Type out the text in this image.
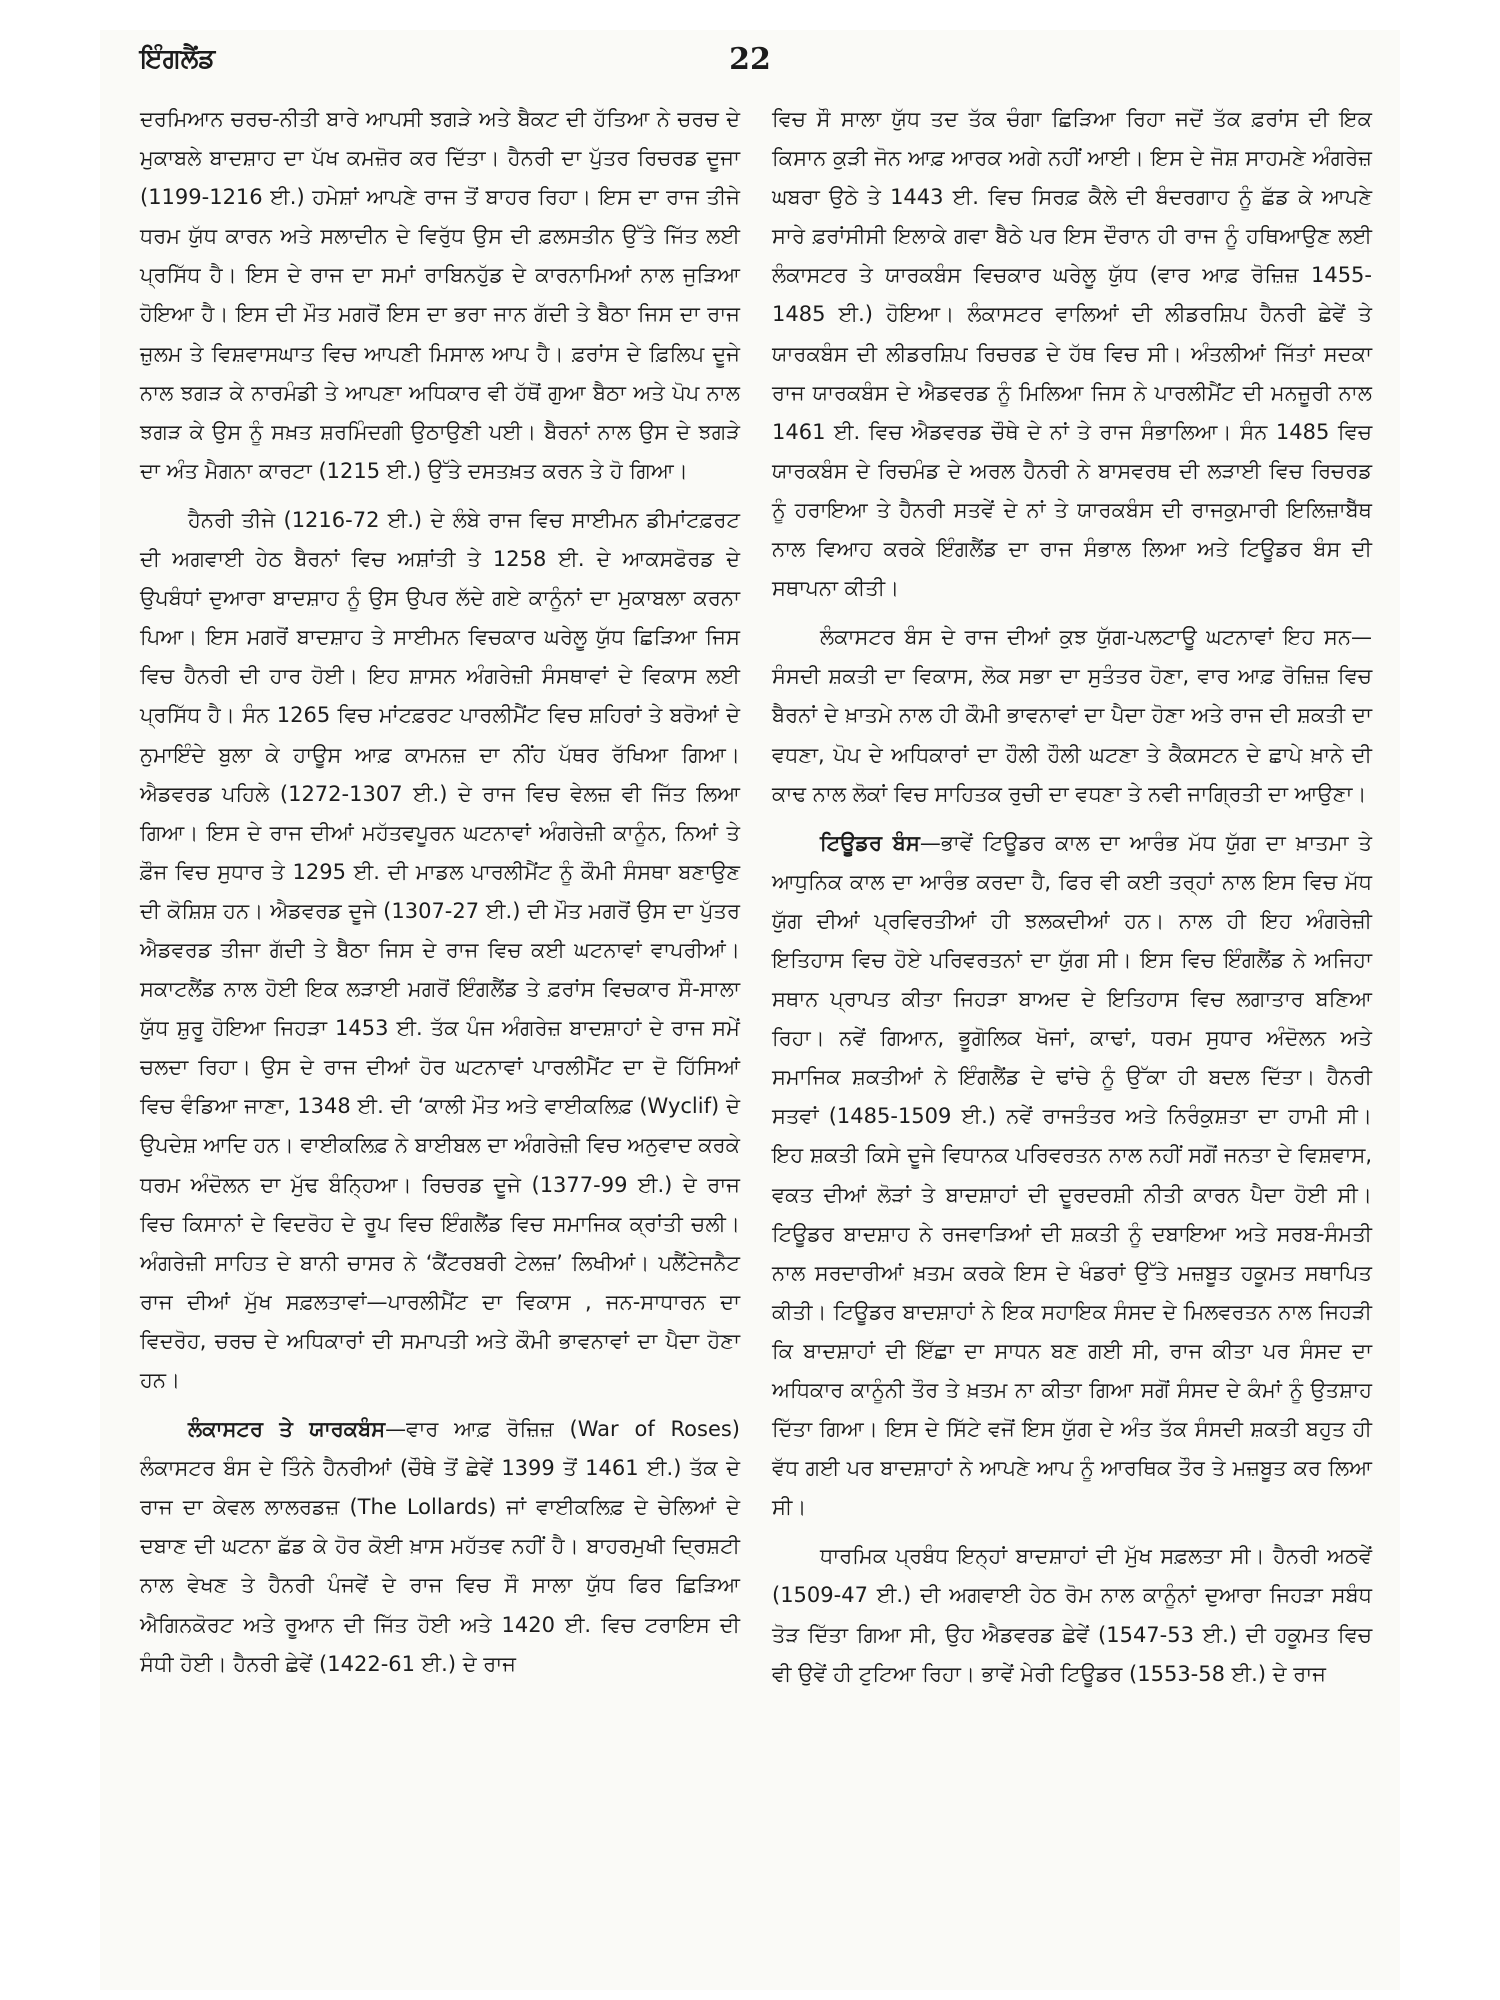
ਇੰਗਲੈਂਡ	22

ਦਰਮਿਆਨ ਚਰਚ-ਨੀਤੀ ਬਾਰੇ ਆਪਸੀ ਝਗੜੇ ਅਤੇ ਬੈਕਟ ਦੀ ਹੱਤਿਆ ਨੇ ਚਰਚ ਦੇ ਮੁਕਾਬਲੇ ਬਾਦਸ਼ਾਹ ਦਾ ਪੱਖ ਕਮਜ਼ੋਰ ਕਰ ਦਿੱਤਾ। ਹੈਨਰੀ ਦਾ ਪੁੱਤਰ ਰਿਚਰਡ ਦੂਜਾ (1199-1216 ਈ.) ਹਮੇਸ਼ਾਂ ਆਪਣੇ ਰਾਜ ਤੋਂ ਬਾਹਰ ਰਿਹਾ। ਇਸ ਦਾ ਰਾਜ ਤੀਜੇ ਧਰਮ ਯੁੱਧ ਕਾਰਨ ਅਤੇ ਸਲਾਦੀਨ ਦੇ ਵਿਰੁੱਧ ਉਸ ਦੀ ਫ਼ਲਸਤੀਨ ਉੱਤੇ ਜਿੱਤ ਲਈ ਪ੍ਰਸਿੱਧ ਹੈ। ਇਸ ਦੇ ਰਾਜ ਦਾ ਸਮਾਂ ਰਾਬਿਨਹੁੱਡ ਦੇ ਕਾਰਨਾਮਿਆਂ ਨਾਲ ਜੁੜਿਆ ਹੋਇਆ ਹੈ। ਇਸ ਦੀ ਮੌਤ ਮਗਰੋਂ ਇਸ ਦਾ ਭਰਾ ਜਾਨ ਗੱਦੀ ਤੇ ਬੈਠਾ ਜਿਸ ਦਾ ਰਾਜ ਜ਼ੁਲਮ ਤੇ ਵਿਸ਼ਵਾਸਘਾਤ ਵਿਚ ਆਪਣੀ ਮਿਸਾਲ ਆਪ ਹੈ। ਫ਼ਰਾਂਸ ਦੇ ਫ਼ਿਲਿਪ ਦੂਜੇ ਨਾਲ ਝਗੜ ਕੇ ਨਾਰਮੰਡੀ ਤੇ ਆਪਣਾ ਅਧਿਕਾਰ ਵੀ ਹੱਥੋਂ ਗੁਆ ਬੈਠਾ ਅਤੇ ਪੋਪ ਨਾਲ ਝਗੜ ਕੇ ਉਸ ਨੂੰ ਸਖ਼ਤ ਸ਼ਰਮਿੰਦਗੀ ਉਠਾਉਣੀ ਪਈ। ਬੈਰਨਾਂ ਨਾਲ ਉਸ ਦੇ ਝਗੜੇ ਦਾ ਅੰਤ ਮੈਗਨਾ ਕਾਰਟਾ (1215 ਈ.) ਉੱਤੇ ਦਸਤਖ਼ਤ ਕਰਨ ਤੇ ਹੋ ਗਿਆ।

ਹੈਨਰੀ ਤੀਜੇ (1216-72 ਈ.) ਦੇ ਲੰਬੇ ਰਾਜ ਵਿਚ ਸਾਈਮਨ ਡੀਮਾਂਟਫ਼ਰਟ ਦੀ ਅਗਵਾਈ ਹੇਠ ਬੈਰਨਾਂ ਵਿਚ ਅਸ਼ਾਂਤੀ ਤੇ 1258 ਈ. ਦੇ ਆਕਸਫੋਰਡ ਦੇ ਉਪਬੰਧਾਂ ਦੁਆਰਾ ਬਾਦਸ਼ਾਹ ਨੂੰ ਉਸ ਉਪਰ ਲੱਦੇ ਗਏ ਕਾਨੂੰਨਾਂ ਦਾ ਮੁਕਾਬਲਾ ਕਰਨਾ ਪਿਆ। ਇਸ ਮਗਰੋਂ ਬਾਦਸ਼ਾਹ ਤੇ ਸਾਈਮਨ ਵਿਚਕਾਰ ਘਰੇਲੂ ਯੁੱਧ ਛਿੜਿਆ ਜਿਸ ਵਿਚ ਹੈਨਰੀ ਦੀ ਹਾਰ ਹੋਈ। ਇਹ ਸ਼ਾਸਨ ਅੰਗਰੇਜ਼ੀ ਸੰਸਥਾਵਾਂ ਦੇ ਵਿਕਾਸ ਲਈ ਪ੍ਰਸਿੱਧ ਹੈ। ਸੰਨ 1265 ਵਿਚ ਮਾਂਟਫ਼ਰਟ ਪਾਰਲੀਮੈਂਟ ਵਿਚ ਸ਼ਹਿਰਾਂ ਤੇ ਬਰੋਆਂ ਦੇ ਨੁਮਾਇੰਦੇ ਬੁਲਾ ਕੇ ਹਾਊਸ ਆਫ਼ ਕਾਮਨਜ਼ ਦਾ ਨੀਂਹ ਪੱਥਰ ਰੱਖਿਆ ਗਿਆ। ਐਡਵਰਡ ਪਹਿਲੇ (1272-1307 ਈ.) ਦੇ ਰਾਜ ਵਿਚ ਵੇਲਜ਼ ਵੀ ਜਿੱਤ ਲਿਆ ਗਿਆ। ਇਸ ਦੇ ਰਾਜ ਦੀਆਂ ਮਹੱਤਵਪੂਰਨ ਘਟਨਾਵਾਂ ਅੰਗਰੇਜ਼ੀ ਕਾਨੂੰਨ, ਨਿਆਂ ਤੇ ਫ਼ੌਜ ਵਿਚ ਸੁਧਾਰ ਤੇ 1295 ਈ. ਦੀ ਮਾਡਲ ਪਾਰਲੀਮੈਂਟ ਨੂੰ ਕੌਮੀ ਸੰਸਥਾ ਬਣਾਉਣ ਦੀ ਕੋਸ਼ਿਸ਼ ਹਨ। ਐਡਵਰਡ ਦੂਜੇ (1307-27 ਈ.) ਦੀ ਮੌਤ ਮਗਰੋਂ ਉਸ ਦਾ ਪੁੱਤਰ ਐਡਵਰਡ ਤੀਜਾ ਗੱਦੀ ਤੇ ਬੈਠਾ ਜਿਸ ਦੇ ਰਾਜ ਵਿਚ ਕਈ ਘਟਨਾਵਾਂ ਵਾਪਰੀਆਂ। ਸਕਾਟਲੈਂਡ ਨਾਲ ਹੋਈ ਇਕ ਲੜਾਈ ਮਗਰੋਂ ਇੰਗਲੈਂਡ ਤੇ ਫ਼ਰਾਂਸ ਵਿਚਕਾਰ ਸੌ-ਸਾਲਾ ਯੁੱਧ ਸ਼ੁਰੂ ਹੋਇਆ ਜਿਹੜਾ 1453 ਈ. ਤੱਕ ਪੰਜ ਅੰਗਰੇਜ਼ ਬਾਦਸ਼ਾਹਾਂ ਦੇ ਰਾਜ ਸਮੇਂ ਚਲਦਾ ਰਿਹਾ। ਉਸ ਦੇ ਰਾਜ ਦੀਆਂ ਹੋਰ ਘਟਨਾਵਾਂ ਪਾਰਲੀਮੈਂਟ ਦਾ ਦੋ ਹਿੱਸਿਆਂ ਵਿਚ ਵੰਡਿਆ ਜਾਣਾ, 1348 ਈ. ਦੀ ‘ਕਾਲੀ ਮੌਤ ਅਤੇ ਵਾਈਕਲਿਫ਼ (Wyclif) ਦੇ ਉਪਦੇਸ਼ ਆਦਿ ਹਨ। ਵਾਈਕਲਿਫ਼ ਨੇ ਬਾਈਬਲ ਦਾ ਅੰਗਰੇਜ਼ੀ ਵਿਚ ਅਨੁਵਾਦ ਕਰਕੇ ਧਰਮ ਅੰਦੋਲਨ ਦਾ ਮੁੱਢ ਬੰਨ੍ਹਿਆ। ਰਿਚਰਡ ਦੂਜੇ (1377-99 ਈ.) ਦੇ ਰਾਜ ਵਿਚ ਕਿਸਾਨਾਂ ਦੇ ਵਿਦਰੋਹ ਦੇ ਰੂਪ ਵਿਚ ਇੰਗਲੈਂਡ ਵਿਚ ਸਮਾਜਿਕ ਕ੍ਰਾਂਤੀ ਚਲੀ। ਅੰਗਰੇਜ਼ੀ ਸਾਹਿਤ ਦੇ ਬਾਨੀ ਚਾਸਰ ਨੇ ‘ਕੈਂਟਰਬਰੀ ਟੇਲਜ਼’ ਲਿਖੀਆਂ। ਪਲੈਂਟੇਜਨੈਟ ਰਾਜ ਦੀਆਂ ਮੁੱਖ ਸਫ਼ਲਤਾਵਾਂ—ਪਾਰਲੀਮੈਂਟ ਦਾ ਵਿਕਾਸ , ਜਨ-ਸਾਧਾਰਨ ਦਾ ਵਿਦਰੋਹ, ਚਰਚ ਦੇ ਅਧਿਕਾਰਾਂ ਦੀ ਸਮਾਪਤੀ ਅਤੇ ਕੌਮੀ ਭਾਵਨਾਵਾਂ ਦਾ ਪੈਦਾ ਹੋਣਾ ਹਨ।

ਲੰਕਾਸਟਰ ਤੇ ਯਾਰਕਬੰਸ—ਵਾਰ ਆਫ਼ ਰੋਜ਼ਿਜ਼ (War of Roses) ਲੰਕਾਸਟਰ ਬੰਸ ਦੇ ਤਿੰਨੇ ਹੈਨਰੀਆਂ (ਚੌਥੇ ਤੋਂ ਛੇਵੇਂ 1399 ਤੋਂ 1461 ਈ.) ਤੱਕ ਦੇ ਰਾਜ ਦਾ ਕੇਵਲ ਲਾਲਰਡਜ਼ (The Lollards) ਜਾਂ ਵਾਈਕਲਿਫ਼ ਦੇ ਚੇਲਿਆਂ ਦੇ ਦਬਾਣ ਦੀ ਘਟਨਾ ਛੱਡ ਕੇ ਹੋਰ ਕੋਈ ਖ਼ਾਸ ਮਹੱਤਵ ਨਹੀਂ ਹੈ। ਬਾਹਰਮੁਖੀ ਦ੍ਰਿਸ਼ਟੀ ਨਾਲ ਵੇਖਣ ਤੇ ਹੈਨਰੀ ਪੰਜਵੇਂ ਦੇ ਰਾਜ ਵਿਚ ਸੌ ਸਾਲਾ ਯੁੱਧ ਫਿਰ ਛਿੜਿਆ ਐਗਿਨਕੋਰਟ ਅਤੇ ਰੂਆਨ ਦੀ ਜਿੱਤ ਹੋਈ ਅਤੇ 1420 ਈ. ਵਿਚ ਟਰਾਇਸ ਦੀ ਸੰਧੀ ਹੋਈ। ਹੈਨਰੀ ਛੇਵੇਂ (1422-61 ਈ.) ਦੇ ਰਾਜ

ਵਿਚ ਸੌ ਸਾਲਾ ਯੁੱਧ ਤਦ ਤੱਕ ਚੰਗਾ ਛਿੜਿਆ ਰਿਹਾ ਜਦੋਂ ਤੱਕ ਫ਼ਰਾਂਸ ਦੀ ਇਕ ਕਿਸਾਨ ਕੁੜੀ ਜੋਨ ਆਫ਼ ਆਰਕ ਅਗੇ ਨਹੀਂ ਆਈ। ਇਸ ਦੇ ਜੋਸ਼ ਸਾਹਮਣੇ ਅੰਗਰੇਜ਼ ਘਬਰਾ ਉਠੇ ਤੇ 1443 ਈ. ਵਿਚ ਸਿਰਫ਼ ਕੈਲੇ ਦੀ ਬੰਦਰਗਾਹ ਨੂੰ ਛੱਡ ਕੇ ਆਪਣੇ ਸਾਰੇ ਫ਼ਰਾਂਸੀਸੀ ਇਲਾਕੇ ਗਵਾ ਬੈਠੇ ਪਰ ਇਸ ਦੌਰਾਨ ਹੀ ਰਾਜ ਨੂੰ ਹਥਿਆਉਣ ਲਈ ਲੰਕਾਸਟਰ ਤੇ ਯਾਰਕਬੰਸ ਵਿਚਕਾਰ ਘਰੇਲੂ ਯੁੱਧ (ਵਾਰ ਆਫ਼ ਰੋਜ਼ਿਜ਼ 1455-1485 ਈ.) ਹੋਇਆ। ਲੰਕਾਸਟਰ ਵਾਲਿਆਂ ਦੀ ਲੀਡਰਸ਼ਿਪ ਹੈਨਰੀ ਛੇਵੇਂ ਤੇ ਯਾਰਕਬੰਸ ਦੀ ਲੀਡਰਸ਼ਿਪ ਰਿਚਰਡ ਦੇ ਹੱਥ ਵਿਚ ਸੀ। ਅੰਤਲੀਆਂ ਜਿੱਤਾਂ ਸਦਕਾ ਰਾਜ ਯਾਰਕਬੰਸ ਦੇ ਐਡਵਰਡ ਨੂੰ ਮਿਲਿਆ ਜਿਸ ਨੇ ਪਾਰਲੀਮੈਂਟ ਦੀ ਮਨਜ਼ੂਰੀ ਨਾਲ 1461 ਈ. ਵਿਚ ਐਡਵਰਡ ਚੌਥੇ ਦੇ ਨਾਂ ਤੇ ਰਾਜ ਸੰਭਾਲਿਆ। ਸੰਨ 1485 ਵਿਚ ਯਾਰਕਬੰਸ ਦੇ ਰਿਚਮੰਡ ਦੇ ਅਰਲ ਹੈਨਰੀ ਨੇ ਬਾਸਵਰਥ ਦੀ ਲੜਾਈ ਵਿਚ ਰਿਚਰਡ ਨੂੰ ਹਰਾਇਆ ਤੇ ਹੈਨਰੀ ਸਤਵੇਂ ਦੇ ਨਾਂ ਤੇ ਯਾਰਕਬੰਸ ਦੀ ਰਾਜਕੁਮਾਰੀ ਇਲਿਜ਼ਾਬੈੱਥ ਨਾਲ ਵਿਆਹ ਕਰਕੇ ਇੰਗਲੈਂਡ ਦਾ ਰਾਜ ਸੰਭਾਲ ਲਿਆ ਅਤੇ ਟਿਊਡਰ ਬੰਸ ਦੀ ਸਥਾਪਨਾ ਕੀਤੀ।

ਲੰਕਾਸਟਰ ਬੰਸ ਦੇ ਰਾਜ ਦੀਆਂ ਕੁਝ ਯੁੱਗ-ਪਲਟਾਊ ਘਟਨਾਵਾਂ ਇਹ ਸਨ— ਸੰਸਦੀ ਸ਼ਕਤੀ ਦਾ ਵਿਕਾਸ, ਲੋਕ ਸਭਾ ਦਾ ਸੁਤੰਤਰ ਹੋਣਾ, ਵਾਰ ਆਫ਼ ਰੋਜ਼ਿਜ਼ ਵਿਚ ਬੈਰਨਾਂ ਦੇ ਖ਼ਾਤਮੇ ਨਾਲ ਹੀ ਕੌਮੀ ਭਾਵਨਾਵਾਂ ਦਾ ਪੈਦਾ ਹੋਣਾ ਅਤੇ ਰਾਜ ਦੀ ਸ਼ਕਤੀ ਦਾ ਵਧਣਾ, ਪੋਪ ਦੇ ਅਧਿਕਾਰਾਂ ਦਾ ਹੌਲੀ ਹੌਲੀ ਘਟਣਾ ਤੇ ਕੈਕਸਟਨ ਦੇ ਛਾਪੇ ਖ਼ਾਨੇ ਦੀ ਕਾਢ ਨਾਲ ਲੋਕਾਂ ਵਿਚ ਸਾਹਿਤਕ ਰੁਚੀ ਦਾ ਵਧਣਾ ਤੇ ਨਵੀ ਜਾਗ੍ਰਿਤੀ ਦਾ ਆਉਣਾ।

ਟਿਊਡਰ ਬੰਸ—ਭਾਵੇਂ ਟਿਊਡਰ ਕਾਲ ਦਾ ਆਰੰਭ ਮੱਧ ਯੁੱਗ ਦਾ ਖ਼ਾਤਮਾ ਤੇ ਆਧੁਨਿਕ ਕਾਲ ਦਾ ਆਰੰਭ ਕਰਦਾ ਹੈ, ਫਿਰ ਵੀ ਕਈ ਤਰ੍ਹਾਂ ਨਾਲ ਇਸ ਵਿਚ ਮੱਧ ਯੁੱਗ ਦੀਆਂ ਪ੍ਰਵਿਰਤੀਆਂ ਹੀ ਝਲਕਦੀਆਂ ਹਨ। ਨਾਲ ਹੀ ਇਹ ਅੰਗਰੇਜ਼ੀ ਇਤਿਹਾਸ ਵਿਚ ਹੋਏ ਪਰਿਵਰਤਨਾਂ ਦਾ ਯੁੱਗ ਸੀ। ਇਸ ਵਿਚ ਇੰਗਲੈਂਡ ਨੇ ਅਜਿਹਾ ਸਥਾਨ ਪ੍ਰਾਪਤ ਕੀਤਾ ਜਿਹੜਾ ਬਾਅਦ ਦੇ ਇਤਿਹਾਸ ਵਿਚ ਲਗਾਤਾਰ ਬਣਿਆ ਰਿਹਾ। ਨਵੇਂ ਗਿਆਨ, ਭੂਗੋਲਿਕ ਖੋਜਾਂ, ਕਾਢਾਂ, ਧਰਮ ਸੁਧਾਰ ਅੰਦੋਲਨ ਅਤੇ ਸਮਾਜਿਕ ਸ਼ਕਤੀਆਂ ਨੇ ਇੰਗਲੈਂਡ ਦੇ ਢਾਂਚੇ ਨੂੰ ਉੱਕਾ ਹੀ ਬਦਲ ਦਿੱਤਾ। ਹੈਨਰੀ ਸਤਵਾਂ (1485-1509 ਈ.) ਨਵੇਂ ਰਾਜਤੰਤਰ ਅਤੇ ਨਿਰੰਕੁਸ਼ਤਾ ਦਾ ਹਾਮੀ ਸੀ। ਇਹ ਸ਼ਕਤੀ ਕਿਸੇ ਦੂਜੇ ਵਿਧਾਨਕ ਪਰਿਵਰਤਨ ਨਾਲ ਨਹੀਂ ਸਗੋਂ ਜਨਤਾ ਦੇ ਵਿਸ਼ਵਾਸ, ਵਕਤ ਦੀਆਂ ਲੋੜਾਂ ਤੇ ਬਾਦਸ਼ਾਹਾਂ ਦੀ ਦੂਰਦਰਸ਼ੀ ਨੀਤੀ ਕਾਰਨ ਪੈਦਾ ਹੋਈ ਸੀ। ਟਿਊਡਰ ਬਾਦਸ਼ਾਹ ਨੇ ਰਜਵਾੜਿਆਂ ਦੀ ਸ਼ਕਤੀ ਨੂੰ ਦਬਾਇਆ ਅਤੇ ਸਰਬ-ਸੰਮਤੀ ਨਾਲ ਸਰਦਾਰੀਆਂ ਖ਼ਤਮ ਕਰਕੇ ਇਸ ਦੇ ਖੰਡਰਾਂ ਉੱਤੇ ਮਜ਼ਬੂਤ ਹਕੂਮਤ ਸਥਾਪਿਤ ਕੀਤੀ। ਟਿਊਡਰ ਬਾਦਸ਼ਾਹਾਂ ਨੇ ਇਕ ਸਹਾਇਕ ਸੰਸਦ ਦੇ ਮਿਲਵਰਤਨ ਨਾਲ ਜਿਹੜੀ ਕਿ ਬਾਦਸ਼ਾਹਾਂ ਦੀ ਇੱਛਾ ਦਾ ਸਾਧਨ ਬਣ ਗਈ ਸੀ, ਰਾਜ ਕੀਤਾ ਪਰ ਸੰਸਦ ਦਾ ਅਧਿਕਾਰ ਕਾਨੂੰਨੀ ਤੌਰ ਤੇ ਖ਼ਤਮ ਨਾ ਕੀਤਾ ਗਿਆ ਸਗੋਂ ਸੰਸਦ ਦੇ ਕੰਮਾਂ ਨੂੰ ਉਤਸ਼ਾਹ ਦਿੱਤਾ ਗਿਆ। ਇਸ ਦੇ ਸਿੱਟੇ ਵਜੋਂ ਇਸ ਯੁੱਗ ਦੇ ਅੰਤ ਤੱਕ ਸੰਸਦੀ ਸ਼ਕਤੀ ਬਹੁਤ ਹੀ ਵੱਧ ਗਈ ਪਰ ਬਾਦਸ਼ਾਹਾਂ ਨੇ ਆਪਣੇ ਆਪ ਨੂੰ ਆਰਥਿਕ ਤੌਰ ਤੇ ਮਜ਼ਬੂਤ ਕਰ ਲਿਆ ਸੀ।

ਧਾਰਮਿਕ ਪ੍ਰਬੰਧ ਇਨ੍ਹਾਂ ਬਾਦਸ਼ਾਹਾਂ ਦੀ ਮੁੱਖ ਸਫ਼ਲਤਾ ਸੀ। ਹੈਨਰੀ ਅਠਵੇਂ (1509-47 ਈ.) ਦੀ ਅਗਵਾਈ ਹੇਠ ਰੋਮ ਨਾਲ ਕਾਨੂੰਨਾਂ ਦੁਆਰਾ ਜਿਹੜਾ ਸਬੰਧ ਤੋੜ ਦਿੱਤਾ ਗਿਆ ਸੀ, ਉਹ ਐਡਵਰਡ ਛੇਵੇਂ (1547-53 ਈ.) ਦੀ ਹਕੂਮਤ ਵਿਚ ਵੀ ਉਵੇਂ ਹੀ ਟੁਟਿਆ ਰਿਹਾ। ਭਾਵੇਂ ਮੇਰੀ ਟਿਊਡਰ (1553-58 ਈ.) ਦੇ ਰਾਜ
